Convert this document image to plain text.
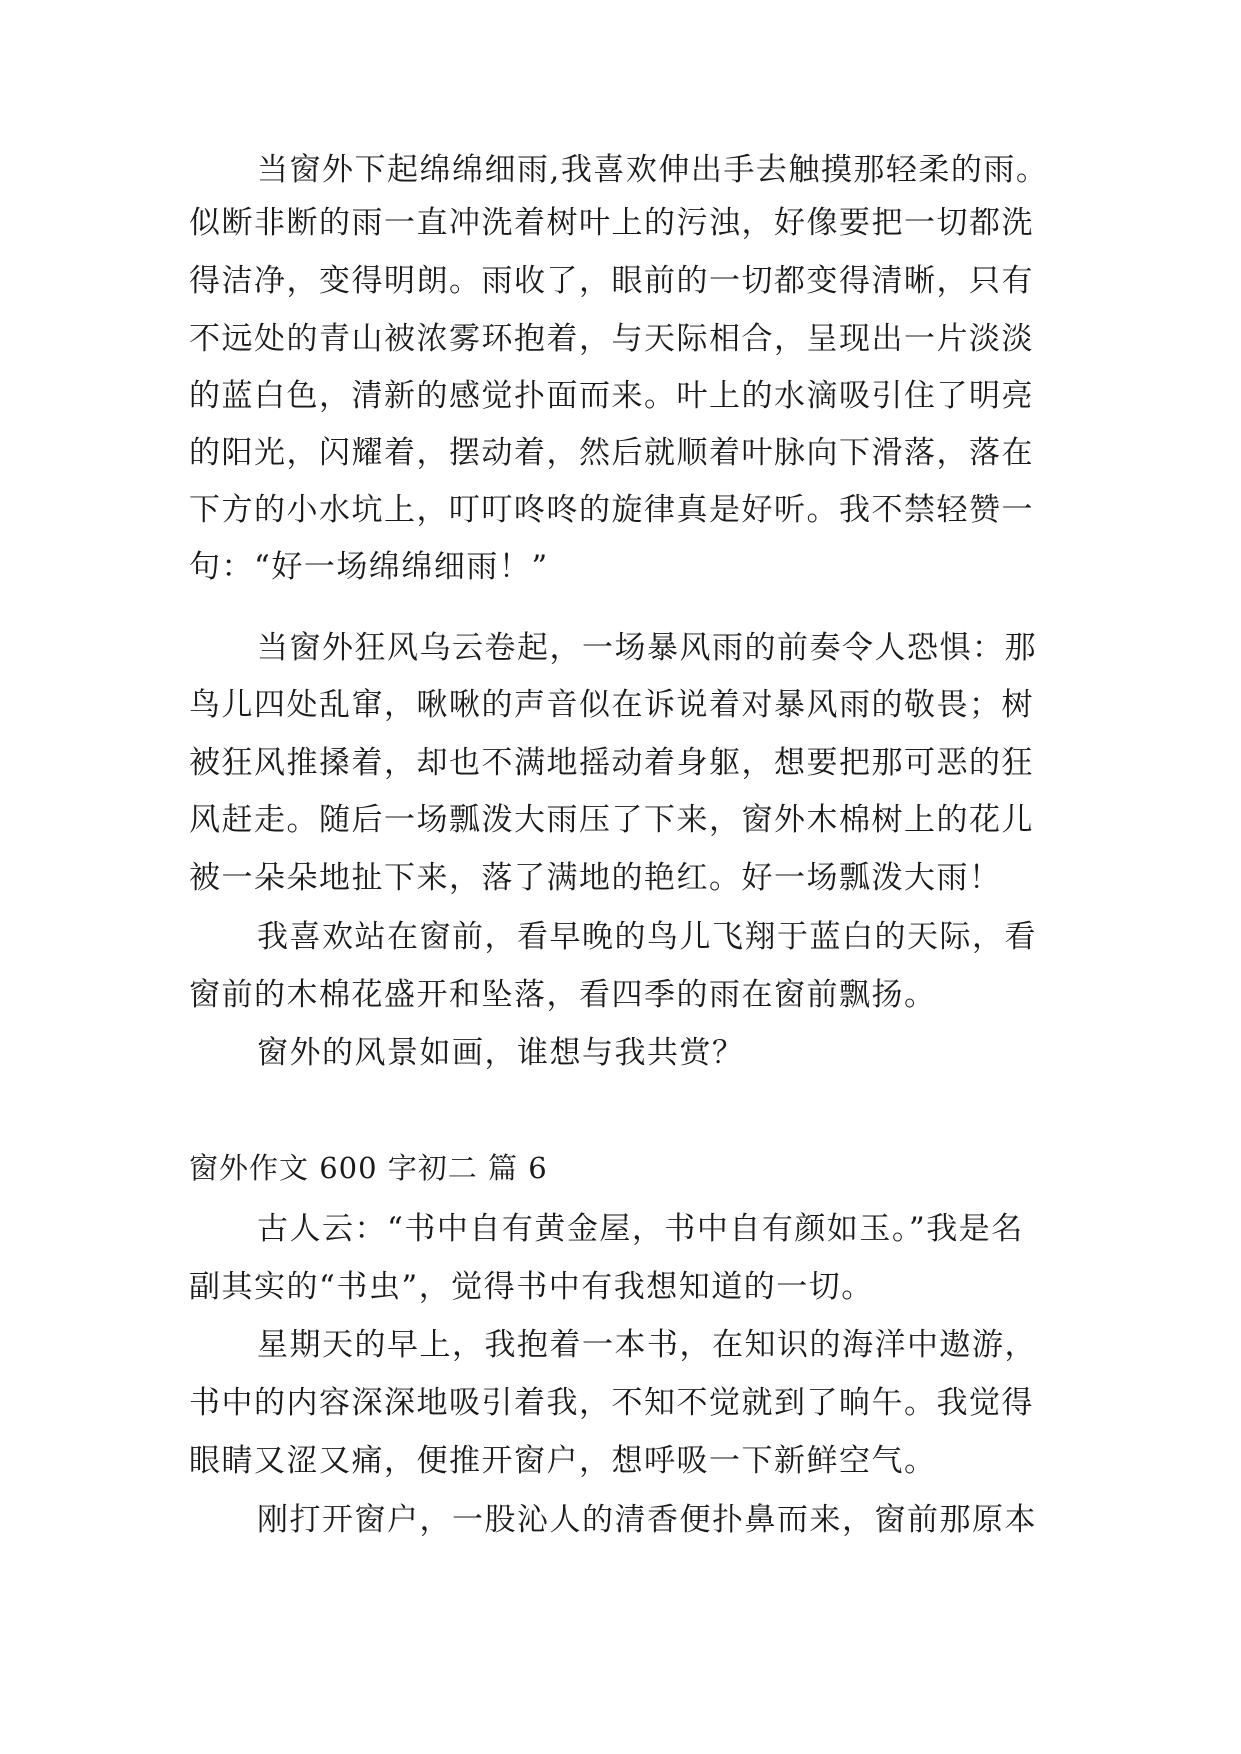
当窗外下起绵绵细雨,我喜欢伸出手去触摸那轻柔的雨。

似断非断的雨一直冲洗着树叶上的污浊，好像要把一切都洗

得洁净，变得明朗。雨收了，眼前的一切都变得清晰，只有

不远处的青山被浓雾环抱着，与天际相合，呈现出一片淡淡

的蓝白色，清新的感觉扑面而来。叶上的水滴吸引住了明亮

的阳光，闪耀着，摆动着，然后就顺着叶脉向下滑落，落在

下方的小水坑上，叮叮咚咚的旋律真是好听。我不禁轻赞一

句：“好一场绵绵细雨！”

当窗外狂风乌云卷起，一场暴风雨的前奏令人恐惧：那

鸟儿四处乱窜，啾啾的声音似在诉说着对暴风雨的敬畏；树

被狂风推搡着，却也不满地摇动着身躯，想要把那可恶的狂

风赶走。随后一场瓢泼大雨压了下来，窗外木棉树上的花儿

被一朵朵地扯下来，落了满地的艳红。好一场瓢泼大雨！

我喜欢站在窗前，看早晚的鸟儿飞翔于蓝白的天际，看

窗前的木棉花盛开和坠落，看四季的雨在窗前飘扬。

窗外的风景如画，谁想与我共赏？

窗外作文 600 字初二 篇 6

古人云：“书中自有黄金屋，书中自有颜如玉。”我是名

副其实的“书虫”，觉得书中有我想知道的一切。

星期天的早上，我抱着一本书，在知识的海洋中遨游，

书中的内容深深地吸引着我，不知不觉就到了晌午。我觉得

眼睛又涩又痛，便推开窗户，想呼吸一下新鲜空气。

刚打开窗户，一股沁人的清香便扑鼻而来，窗前那原本
